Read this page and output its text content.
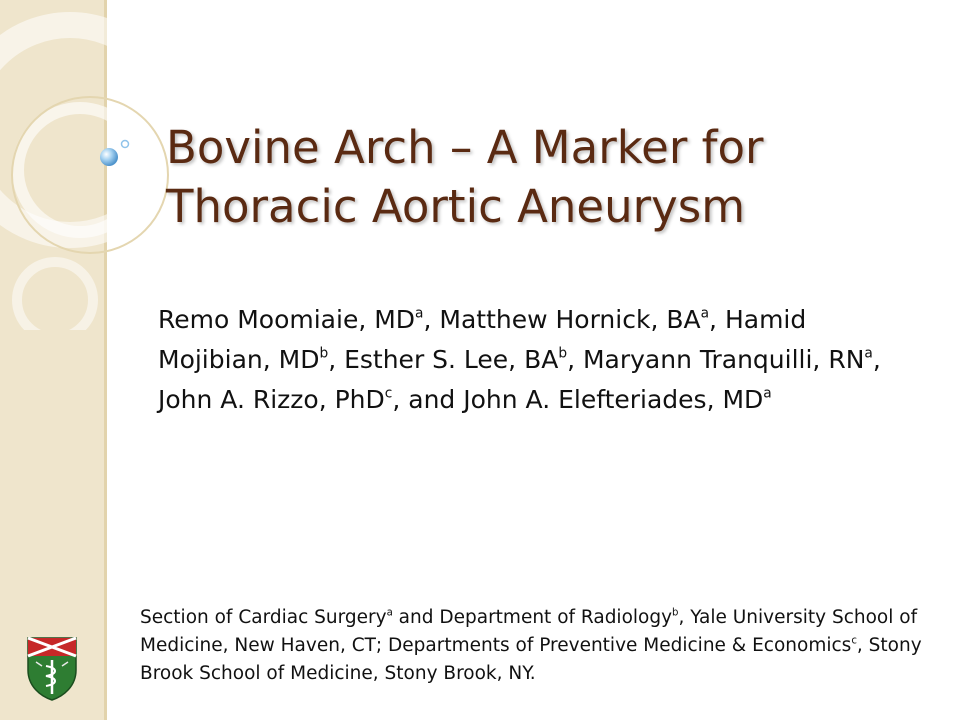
Bovine Arch – A Marker for
Thoracic Aortic Aneurysm
Remo Moomiaie, $MD^a$, Matthew Hornick, $BA^a$, Hamid Mojibian, $MD^b$, Esther S. Lee, $BA^b$, Maryann Tranquilli, $RN^a$, John A. Rizzo, PhD$^c$, and John A. Elefteriades, $MD^a$
Section of Cardiac Surgery$^a$ and Department of Radiology$^b$, Yale University School of Medicine, New Haven, CT; Departments of Preventive Medicine & Economics$^c$, Stony Brook School of Medicine, Stony Brook, NY.
